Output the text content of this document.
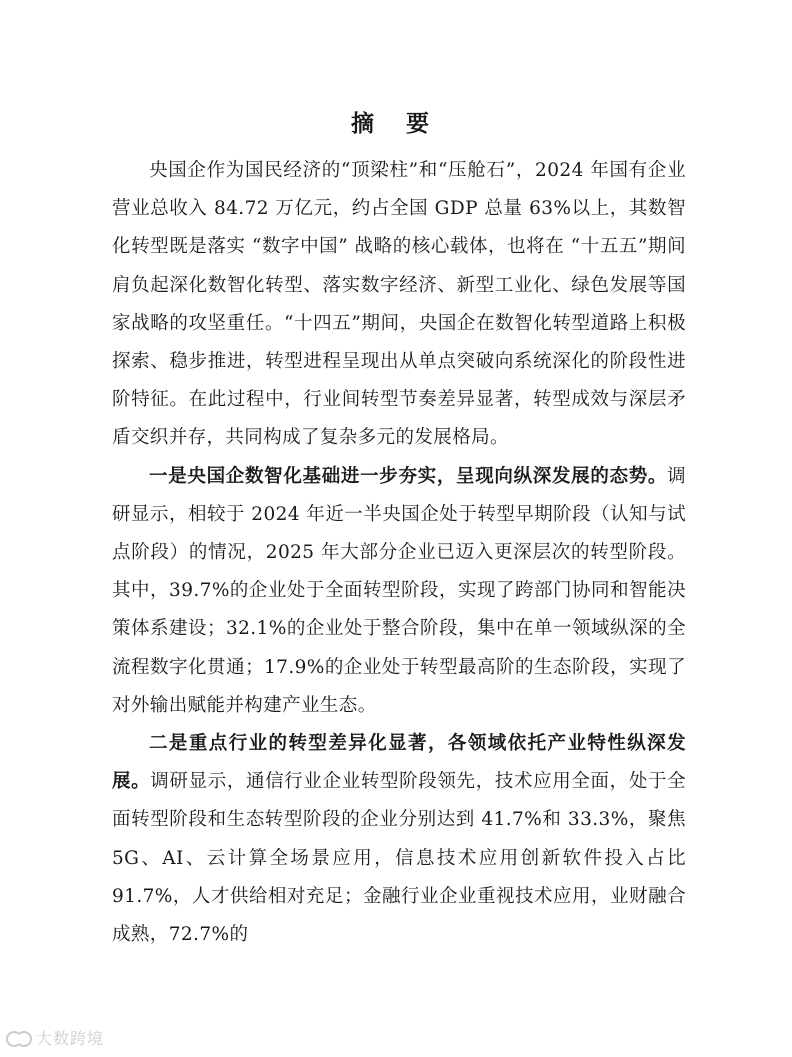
摘 要

央国企作为国民经济的“顶梁柱”和“压舱石”，2024 年国有企业营业总收入 84.72 万亿元，约占全国 GDP 总量 63%以上，其数智化转型既是落实 “数字中国” 战略的核心载体，也将在 “十五五”期间肩负起深化数智化转型、落实数字经济、新型工业化、绿色发展等国家战略的攻坚重任。“十四五”期间，央国企在数智化转型道路上积极探索、稳步推进，转型进程呈现出从单点突破向系统深化的阶段性进阶特征。在此过程中，行业间转型节奏差异显著，转型成效与深层矛盾交织并存，共同构成了复杂多元的发展格局。

一是央国企数智化基础进一步夯实，呈现向纵深发展的态势。调研显示，相较于 2024 年近一半央国企处于转型早期阶段（认知与试点阶段）的情况，2025 年大部分企业已迈入更深层次的转型阶段。其中，39.7%的企业处于全面转型阶段，实现了跨部门协同和智能决策体系建设；32.1%的企业处于整合阶段，集中在单一领域纵深的全流程数字化贯通；17.9%的企业处于转型最高阶的生态阶段，实现了对外输出赋能并构建产业生态。

二是重点行业的转型差异化显著，各领域依托产业特性纵深发展。调研显示，通信行业企业转型阶段领先，技术应用全面，处于全面转型阶段和生态转型阶段的企业分别达到 41.7%和 33.3%，聚焦 5G、AI、云计算全场景应用，信息技术应用创新软件投入占比 91.7%，人才供给相对充足；金融行业企业重视技术应用，业财融合成熟，72.7%的

大数跨境
